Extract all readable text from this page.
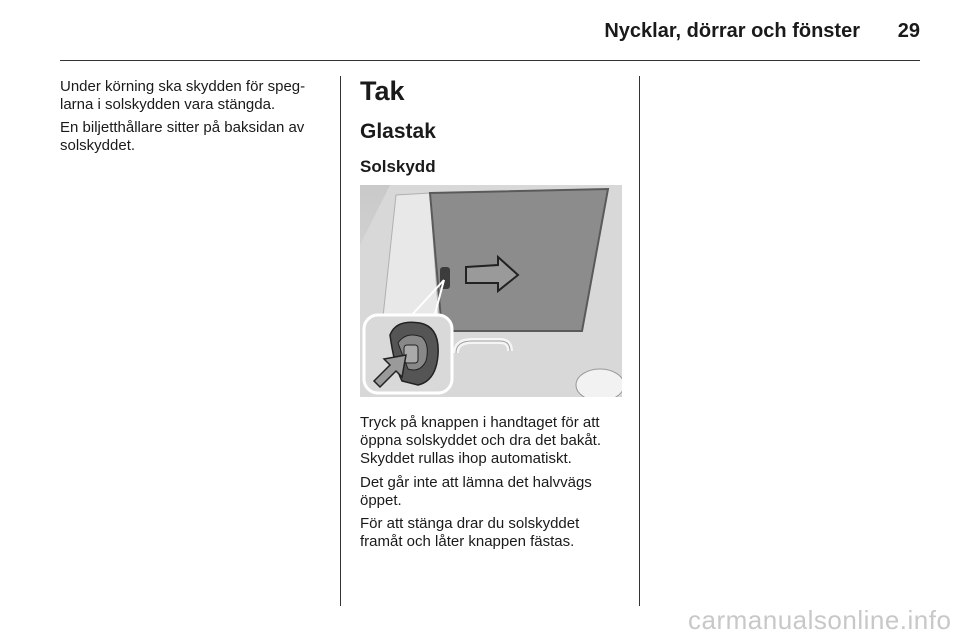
Nycklar, dörrar och fönster	29

Under körning ska skydden för speg-
larna i solskydden vara stängda.

En biljetthållare sitter på baksidan av
solskyddet.

Tak
Glastak
Solskydd

Tryck på knappen i handtaget för att
öppna solskyddet och dra det bakåt.
Skyddet rullas ihop automatiskt.

Det går inte att lämna det halvvägs
öppet.

För att stänga drar du solskyddet
framåt och låter knappen fästas.

carmanualsonline.info
